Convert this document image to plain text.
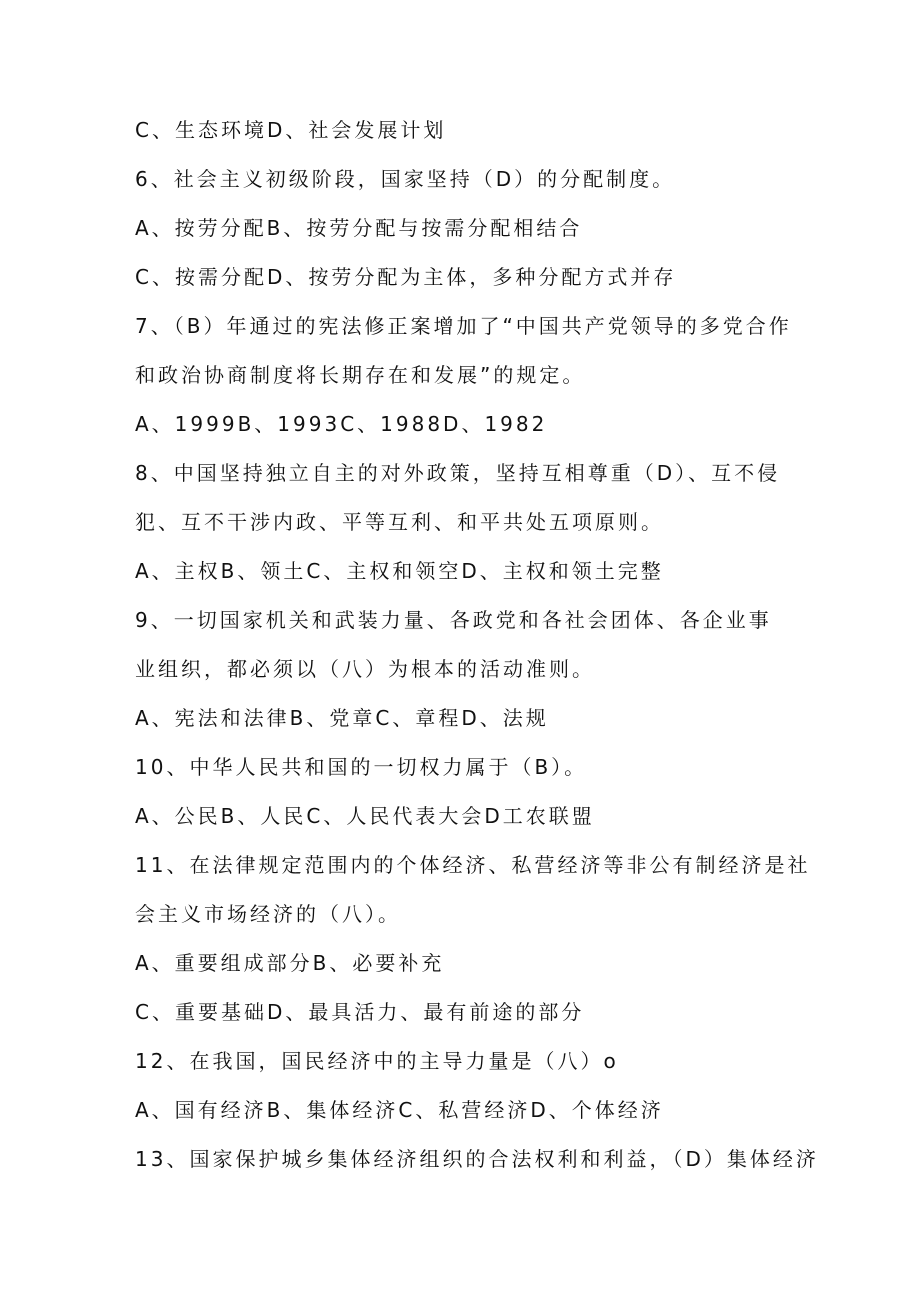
C、生态环境D、社会发展计划
6、社会主义初级阶段，国家坚持（D）的分配制度。
A、按劳分配B、按劳分配与按需分配相结合
C、按需分配D、按劳分配为主体，多种分配方式并存
7、（B）年通过的宪法修正案增加了“中国共产党领导的多党合作
和政治协商制度将长期存在和发展”的规定。
A、1999B、1993C、1988D、1982
8、中国坚持独立自主的对外政策，坚持互相尊重（D）、互不侵
犯、互不干涉内政、平等互利、和平共处五项原则。
A、主权B、领土C、主权和领空D、主权和领土完整
9、一切国家机关和武装力量、各政党和各社会团体、各企业事
业组织，都必须以（八）为根本的活动准则。
A、宪法和法律B、党章C、章程D、法规
10、中华人民共和国的一切权力属于（B）。
A、公民B、人民C、人民代表大会D工农联盟
11、在法律规定范围内的个体经济、私营经济等非公有制经济是社
会主义市场经济的（八）。
A、重要组成部分B、必要补充
C、重要基础D、最具活力、最有前途的部分
12、在我国，国民经济中的主导力量是（八）o
A、国有经济B、集体经济C、私营经济D、个体经济
13、国家保护城乡集体经济组织的合法权利和利益，（D）集体经济
